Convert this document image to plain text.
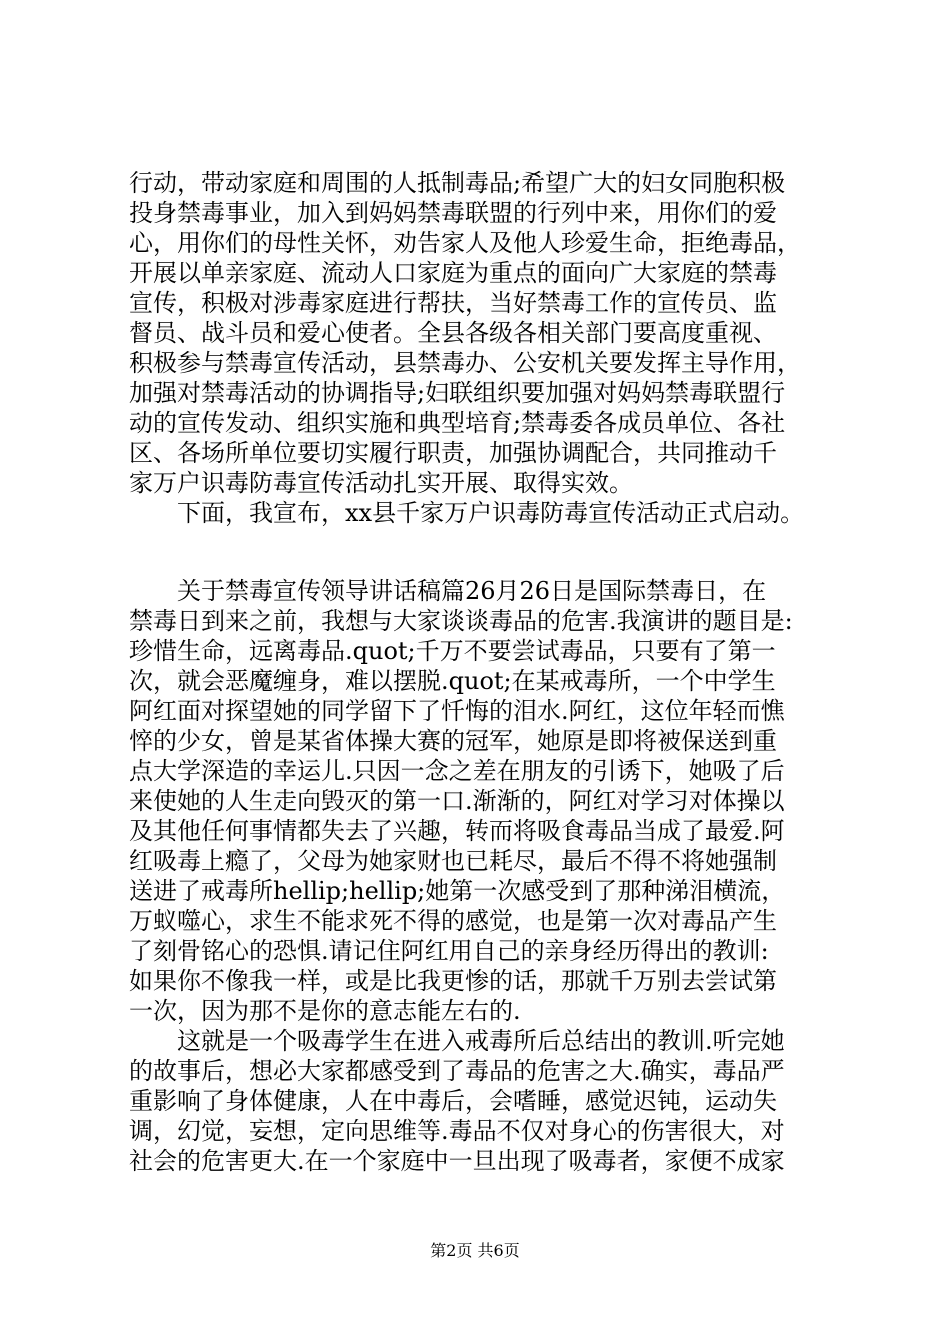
行动，带动家庭和周围的人抵制毒品;希望广大的妇女同胞积极
投身禁毒事业，加入到妈妈禁毒联盟的行列中来，用你们的爱
心，用你们的母性关怀，劝告家人及他人珍爱生命，拒绝毒品，
开展以单亲家庭、流动人口家庭为重点的面向广大家庭的禁毒
宣传，积极对涉毒家庭进行帮扶，当好禁毒工作的宣传员、监
督员、战斗员和爱心使者。全县各级各相关部门要高度重视、
积极参与禁毒宣传活动，县禁毒办、公安机关要发挥主导作用，
加强对禁毒活动的协调指导;妇联组织要加强对妈妈禁毒联盟行
动的宣传发动、组织实施和典型培育;禁毒委各成员单位、各社
区、各场所单位要切实履行职责，加强协调配合，共同推动千
家万户识毒防毒宣传活动扎实开展、取得实效。
　　下面，我宣布，xx县千家万户识毒防毒宣传活动正式启动。
　　关于禁毒宣传领导讲话稿篇26月26日是国际禁毒日，在
禁毒日到来之前，我想与大家谈谈毒品的危害.我演讲的题目是:
珍惜生命，远离毒品.quot;千万不要尝试毒品，只要有了第一
次，就会恶魔缠身，难以摆脱.quot;在某戒毒所，一个中学生
阿红面对探望她的同学留下了忏悔的泪水.阿红，这位年轻而憔
悴的少女，曾是某省体操大赛的冠军，她原是即将被保送到重
点大学深造的幸运儿.只因一念之差在朋友的引诱下，她吸了后
来使她的人生走向毁灭的第一口.渐渐的，阿红对学习对体操以
及其他任何事情都失去了兴趣，转而将吸食毒品当成了最爱.阿
红吸毒上瘾了，父母为她家财也已耗尽，最后不得不将她强制
送进了戒毒所hellip;hellip;她第一次感受到了那种涕泪横流，
万蚁噬心，求生不能求死不得的感觉，也是第一次对毒品产生
了刻骨铭心的恐惧.请记住阿红用自己的亲身经历得出的教训:
如果你不像我一样，或是比我更惨的话，那就千万别去尝试第
一次，因为那不是你的意志能左右的.
　　这就是一个吸毒学生在进入戒毒所后总结出的教训.听完她
的故事后，想必大家都感受到了毒品的危害之大.确实，毒品严
重影响了身体健康，人在中毒后，会嗜睡，感觉迟钝，运动失
调，幻觉，妄想，定向思维等.毒品不仅对身心的伤害很大，对
社会的危害更大.在一个家庭中一旦出现了吸毒者，家便不成家
第2页 共6页
